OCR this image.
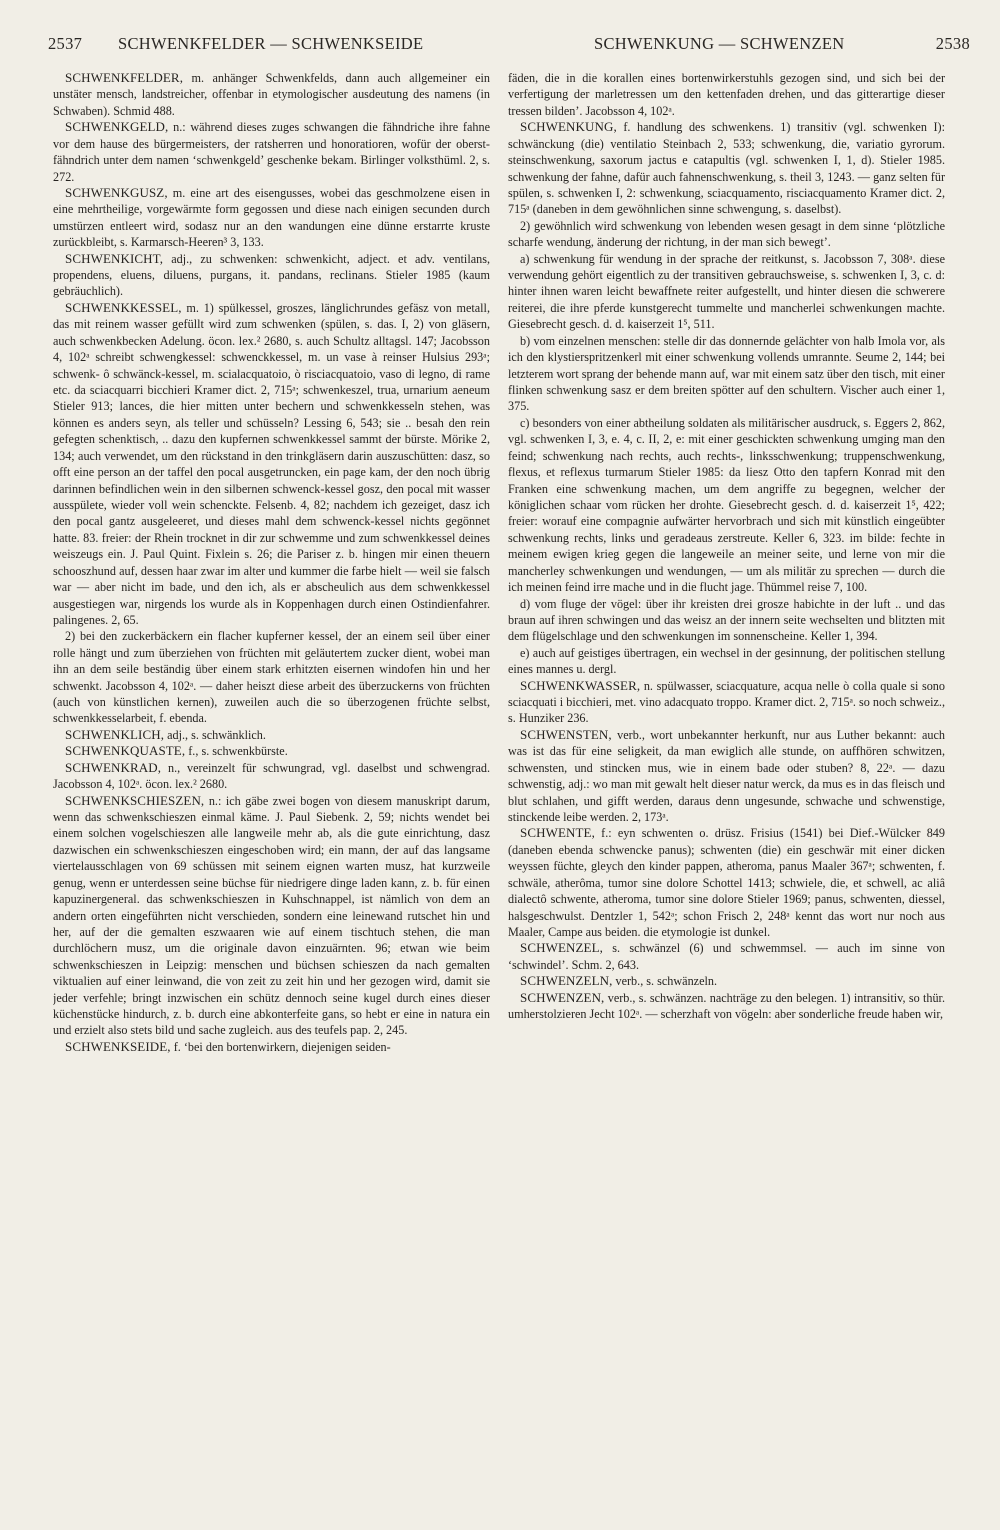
2537 SCHWENKFELDER — SCHWENKSEIDE	SCHWENKUNG — SCHWENZEN	2538

SCHWENKFELDER, m. anhänger Schwenkfelds, dann auch allgemeiner ein unstäter mensch, landstreicher, offenbar in etymologischer ausdeutung des namens (in Schwaben). Schmid 488.

SCHWENKGELD, n.: während dieses zuges schwangen die fähndriche ihre fahne vor dem hause des bürgermeisters, der ratsherren und honoratioren, wofür der oberst-fähndrich unter dem namen ‘schwenkgeld’ geschenke bekam. Birlinger volksthüml. 2, s. 272.

SCHWENKGUSZ, m. eine art des eisengusses, wobei das geschmolzene eisen in eine mehrtheilige, vorgewärmte form gegossen und diese nach einigen secunden durch umstürzen entleert wird, sodasz nur an den wandungen eine dünne erstarrte kruste zurückbleibt, s. Karmarsch-Heeren³ 3, 133.

SCHWENKICHT, adj., zu schwenken: schwenkicht, adject. et adv. ventilans, propendens, eluens, diluens, purgans, it. pandans, reclinans. Stieler 1985 (kaum gebräuchlich).

SCHWENKKESSEL, m. 1) spülkessel, groszes, länglichrundes gefäsz von metall, das mit reinem wasser gefüllt wird zum schwenken (spülen, s. das. I, 2) von gläsern, auch schwenkbecken Adelung. öcon. lex.² 2680, s. auch Schultz alltagsl. 147; Jacobsson 4, 102ᵃ schreibt schwengkessel: schwenckkessel, m. un vase à reinser Hulsius 293ᵃ; schwenk- ô schwänck-kessel, m. scialacquatoio, ò risciacquatoio, vaso di legno, di rame etc. da sciacquarri bicchieri Kramer dict. 2, 715ᵃ; schwenkeszel, trua, urnarium aeneum Stieler 913; lances, die hier mitten unter bechern und schwenkkesseln stehen, was können es anders seyn, als teller und schüsseln? Lessing 6, 543; sie .. besah den rein gefegten schenktisch, .. dazu den kupfernen schwenkkessel sammt der bürste. Mörike 2, 134; auch verwendet, um den rückstand in den trinkgläsern darin auszuschütten: dasz, so offt eine person an der taffel den pocal ausgetruncken, ein page kam, der den noch übrig darinnen befindlichen wein in den silbernen schwenck-kessel gosz, den pocal mit wasser ausspülete, wieder voll wein schenckte. Felsenb. 4, 82; nachdem ich gezeiget, dasz ich den pocal gantz ausgeleeret, und dieses mahl dem schwenck-kessel nichts gegönnet hatte. 83. freier: der Rhein trocknet in dir zur schwemme und zum schwenkkessel deines weiszeugs ein. J. Paul Quint. Fixlein s. 26; die Pariser z. b. hingen mir einen theuern schooszhund auf, dessen haar zwar im alter und kummer die farbe hielt — weil sie falsch war — aber nicht im bade, und den ich, als er abscheulich aus dem schwenkkessel ausgestiegen war, nirgends los wurde als in Koppenhagen durch einen Ostindienfahrer. palingenes. 2, 65.

2) bei den zuckerbäckern ein flacher kupferner kessel, der an einem seil über einer rolle hängt und zum überziehen von früchten mit geläutertem zucker dient, wobei man ihn an dem seile beständig über einem stark erhitzten eisernen windofen hin und her schwenkt. Jacobsson 4, 102ᵃ. — daher heiszt diese arbeit des überzuckerns von früchten (auch von künstlichen kernen), zuweilen auch die so überzogenen früchte selbst, schwenkkesselarbeit, f. ebenda.

SCHWENKLICH, adj., s. schwänklich.

SCHWENKQUASTE, f., s. schwenkbürste.

SCHWENKRAD, n., vereinzelt für schwungrad, vgl. daselbst und schwengrad. Jacobsson 4, 102ᵃ. öcon. lex.² 2680.

SCHWENKSCHIESZEN, n.: ich gäbe zwei bogen von diesem manuskript darum, wenn das schwenkschieszen einmal käme. J. Paul Siebenk. 2, 59; nichts wendet bei einem solchen vogelschieszen alle langweile mehr ab, als die gute einrichtung, dasz dazwischen ein schwenkschieszen eingeschoben wird; ein mann, der auf das langsame viertelausschlagen von 69 schüssen mit seinem eignen warten musz, hat kurzweile genug, wenn er unterdessen seine büchse für niedrigere dinge laden kann, z. b. für einen kapuzinergeneral. das schwenkschieszen in Kuhschnappel, ist nämlich von dem an andern orten eingeführten nicht verschieden, sondern eine leinewand rutschet hin und her, auf der die gemalten eszwaaren wie auf einem tischtuch stehen, die man durchlöchern musz, um die originale davon einzuärnten. 96; etwan wie beim schwenkschieszen in Leipzig: menschen und büchsen schieszen da nach gemalten viktualien auf einer leinwand, die von zeit zu zeit hin und her gezogen wird, damit sie jeder verfehle; bringt inzwischen ein schütz dennoch seine kugel durch eines dieser küchenstücke hindurch, z. b. durch eine abkonterfeite gans, so hebt er eine in natura ein und erzielt also stets bild und sache zugleich. aus des teufels pap. 2, 245.

SCHWENKSEIDE, f. ‘bei den bortenwirkern, diejenigen seiden-

fäden, die in die korallen eines bortenwirkerstuhls gezogen sind, und sich bei der verfertigung der marletressen um den kettenfaden drehen, und das gitterartige dieser tressen bilden’. Jacobsson 4, 102ᵃ.

SCHWENKUNG, f. handlung des schwenkens. 1) transitiv (vgl. schwenken I): schwänckung (die) ventilatio Steinbach 2, 533; schwenkung, die, variatio gyrorum. steinschwenkung, saxorum jactus e catapultis (vgl. schwenken I, 1, d). Stieler 1985. schwenkung der fahne, dafür auch fahnenschwenkung, s. theil 3, 1243. — ganz selten für spülen, s. schwenken I, 2: schwenkung, sciacquamento, risciacquamento Kramer dict. 2, 715ᵃ (daneben in dem gewöhnlichen sinne schwengung, s. daselbst).

2) gewöhnlich wird schwenkung von lebenden wesen gesagt in dem sinne ‘plötzliche scharfe wendung, änderung der richtung, in der man sich bewegt’.

a) schwenkung für wendung in der sprache der reitkunst, s. Jacobsson 7, 308ᵃ. diese verwendung gehört eigentlich zu der transitiven gebrauchsweise, s. schwenken I, 3, c. d: hinter ihnen waren leicht bewaffnete reiter aufgestellt, und hinter diesen die schwerere reiterei, die ihre pferde kunstgerecht tummelte und mancherlei schwenkungen machte. Giesebrecht gesch. d. d. kaiserzeit 1⁵, 511.

b) vom einzelnen menschen: stelle dir das donnernde gelächter von halb Imola vor, als ich den klystierspritzenkerl mit einer schwenkung vollends umrannte. Seume 2, 144; bei letzterem wort sprang der behende mann auf, war mit einem satz über den tisch, mit einer flinken schwenkung sasz er dem breiten spötter auf den schultern. Vischer auch einer 1, 375.

c) besonders von einer abtheilung soldaten als militärischer ausdruck, s. Eggers 2, 862, vgl. schwenken I, 3, e. 4, c. II, 2, e: mit einer geschickten schwenkung umging man den feind; schwenkung nach rechts, auch rechts-, linksschwenkung; truppenschwenkung, flexus, et reflexus turmarum Stieler 1985: da liesz Otto den tapfern Konrad mit den Franken eine schwenkung machen, um dem angriffe zu begegnen, welcher der königlichen schaar vom rücken her drohte. Giesebrecht gesch. d. d. kaiserzeit 1⁵, 422; freier: worauf eine compagnie aufwärter hervorbrach und sich mit künstlich eingeübter schwenkung rechts, links und geradeaus zerstreute. Keller 6, 323. im bilde: fechte in meinem ewigen krieg gegen die langeweile an meiner seite, und lerne von mir die mancherley schwenkungen und wendungen, — um als militär zu sprechen — durch die ich meinen feind irre mache und in die flucht jage. Thümmel reise 7, 100.

d) vom fluge der vögel: über ihr kreisten drei groszе habichte in der luft .. und das braun auf ihren schwingen und das weisz an der innern seite wechselten und blitzten mit dem flügelschlage und den schwenkungen im sonnenscheine. Keller 1, 394.

e) auch auf geistiges übertragen, ein wechsel in der gesinnung, der politischen stellung eines mannes u. dergl.

SCHWENKWASSER, n. spülwasser, sciacquature, acqua nelle ò colla quale si sono sciacquati i bicchieri, met. vino adacquato troppo. Kramer dict. 2, 715ᵃ. so noch schweiz., s. Hunziker 236.

SCHWENSTEN, verb., wort unbekannter herkunft, nur aus Luther bekannt: auch was ist das für eine seligkeit, da man ewiglich alle stunde, on auffhören schwitzen, schwensten, und stincken mus, wie in einem bade oder stuben? 8, 22ᵃ. — dazu schwenstig, adj.: wo man mit gewalt helt dieser natur werck, da mus es in das fleisch und blut schlahen, und gifft werden, daraus denn ungesunde, schwache und schwenstige, stinckende leibe werden. 2, 173ᵃ.

SCHWENTE, f.: eyn schwenten o. drüsz. Frisius (1541) bei Dief.-Wülcker 849 (daneben ebenda schwencke panus); schwenten (die) ein geschwär mit einer dicken weyssen füchte, gleych den kinder pappen, atheroma, panus Maaler 367ᵃ; schwenten, f. schwäle, atherôma, tumor sine dolore Schottel 1413; schwiele, die, et schwell, ac aliâ dialectô schwente, atheroma, tumor sine dolore Stieler 1969; panus, schwenten, diessel, halsgeschwulst. Dentzler 1, 542ᵃ; schon Frisch 2, 248ᵃ kennt das wort nur noch aus Maaler, Campe aus beiden. die etymologie ist dunkel.

SCHWENZEL, s. schwänzel (6) und schwemmsel. — auch im sinne von ‘schwindel’. Schm. 2, 643.

SCHWENZELN, verb., s. schwänzeln.

SCHWENZEN, verb., s. schwänzen. nachträge zu den belegen. 1) intransitiv, so thür. umherstolzieren Jecht 102ᵃ. — scherzhaft von vögeln: aber sonderliche freude haben wir,
